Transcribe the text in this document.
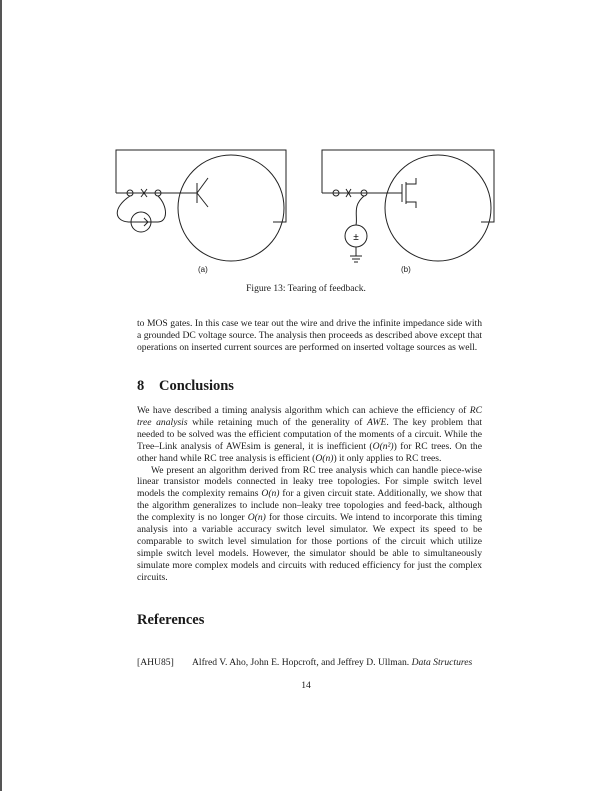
±
(a)	(b)
Figure 13: Tearing of feedback.

to MOS gates. In this case we tear out the wire and drive the infinite impedance side with a grounded DC voltage source. The analysis then proceeds as described above except that operations on inserted current sources are performed on inserted voltage sources as well.

8 Conclusions

We have described a timing analysis algorithm which can achieve the efficiency of RC tree analysis while retaining much of the generality of AWE. The key problem that needed to be solved was the efficient computation of the moments of a circuit. While the Tree–Link analysis of AWEsim is general, it is inefficient (O(n²)) for RC trees. On the other hand while RC tree analysis is efficient (O(n)) it only applies to RC trees.

We present an algorithm derived from RC tree analysis which can handle piece-wise linear transistor models connected in leaky tree topologies. For simple switch level models the complexity remains O(n) for a given circuit state. Additionally, we show that the algorithm generalizes to include non–leaky tree topologies and feed-back, although the complexity is no longer O(n) for those circuits. We intend to incorporate this timing analysis into a variable accuracy switch level simulator. We expect its speed to be comparable to switch level simulation for those portions of the circuit which utilize simple switch level models. However, the simulator should be able to simultaneously simulate more complex models and circuits with reduced efficiency for just the complex circuits.

References
[AHU85] Alfred V. Aho, John E. Hopcroft, and Jeffrey D. Ullman. Data Structures
14
